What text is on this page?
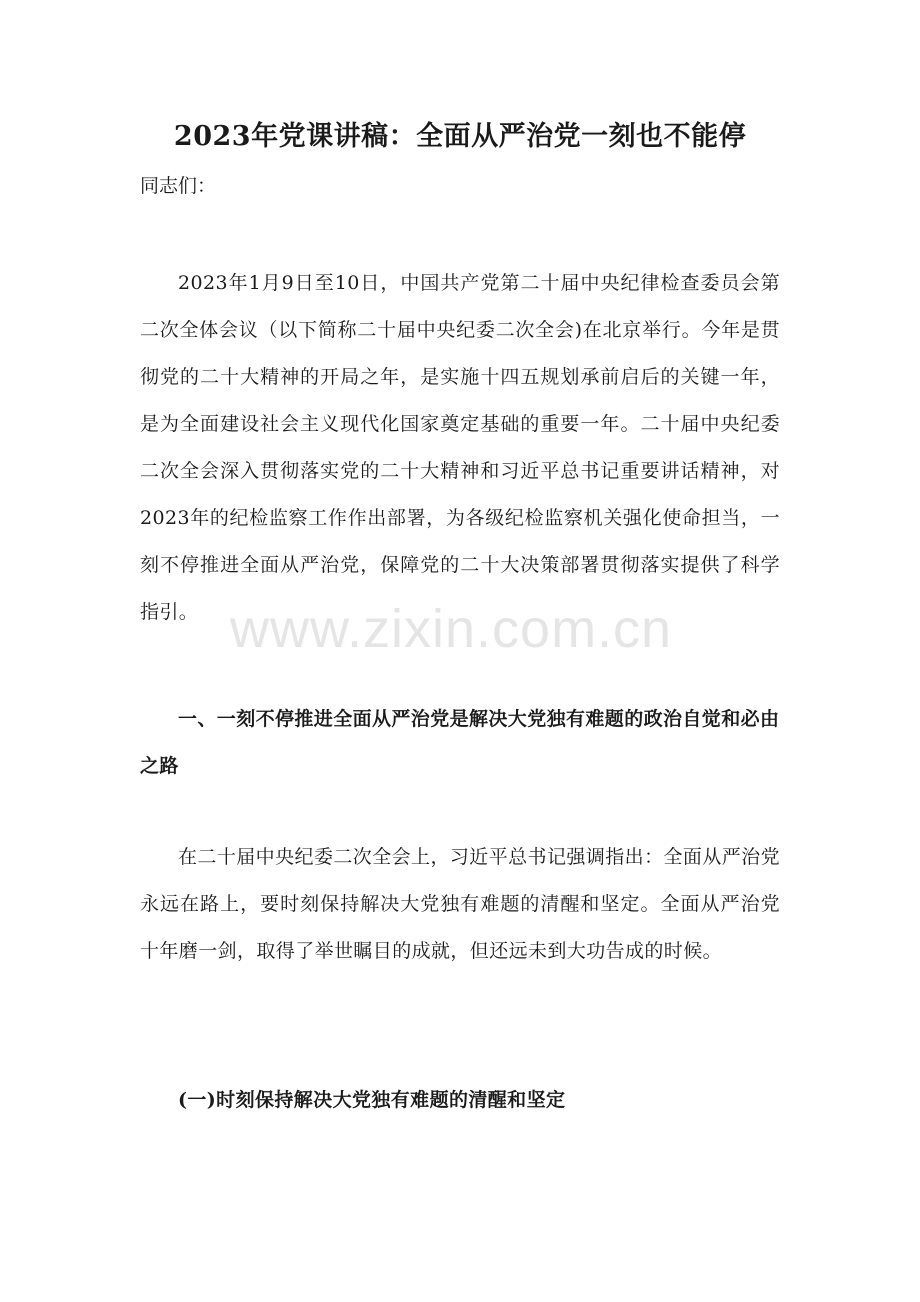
2023年党课讲稿：全面从严治党一刻也不能停

同志们：

2023年1月9日至10日，中国共产党第二十届中央纪律检查委员会第二次全体会议（以下简称二十届中央纪委二次全会)在北京举行。今年是贯彻党的二十大精神的开局之年，是实施十四五规划承前启后的关键一年，是为全面建设社会主义现代化国家奠定基础的重要一年。二十届中央纪委二次全会深入贯彻落实党的二十大精神和习近平总书记重要讲话精神，对2023年的纪检监察工作作出部署，为各级纪检监察机关强化使命担当，一刻不停推进全面从严治党，保障党的二十大决策部署贯彻落实提供了科学指引。

一、一刻不停推进全面从严治党是解决大党独有难题的政治自觉和必由之路

在二十届中央纪委二次全会上，习近平总书记强调指出：全面从严治党永远在路上，要时刻保持解决大党独有难题的清醒和坚定。全面从严治党十年磨一剑，取得了举世瞩目的成就，但还远未到大功告成的时候。

(一)时刻保持解决大党独有难题的清醒和坚定
www.zixin.com.cn
